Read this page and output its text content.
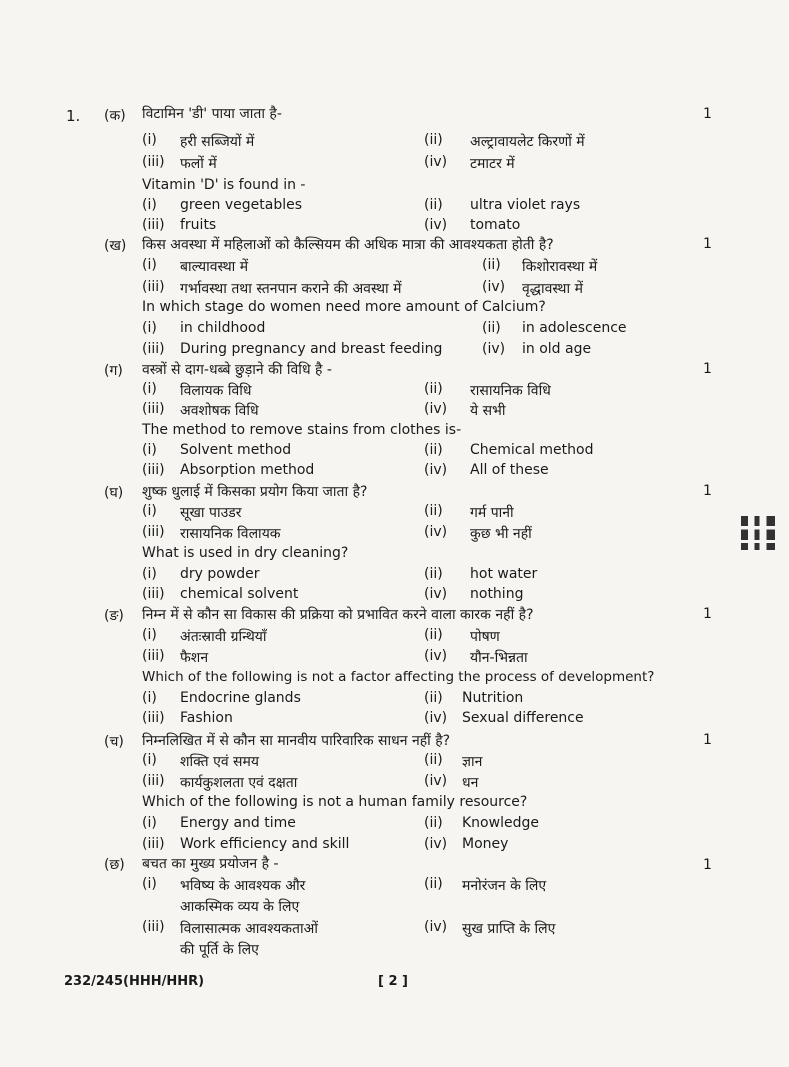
1. (क) विटामिन 'डी' पाया जाता है-	1
(i) हरी सब्जियों में	(ii) अल्ट्रावायलेट किरणों में
(iii) फलों में	(iv) टमाटर में
Vitamin 'D' is found in -
(i) green vegetables	(ii) ultra violet rays
(iii) fruits	(iv) tomato
(ख) किस अवस्था में महिलाओं को कैल्सियम की अधिक मात्रा की आवश्यकता होती है?	1
(i) बाल्यावस्था में	(ii) किशोरावस्था में
(iii) गर्भावस्था तथा स्तनपान कराने की अवस्था में	(iv) वृद्धावस्था में
In which stage do women need more amount of Calcium?
(i) in childhood	(ii) in adolescence
(iii) During pregnancy and breast feeding	(iv) in old age
(ग) वस्त्रों से दाग-धब्बे छुड़ाने की विधि है -	1
(i) विलायक विधि	(ii) रासायनिक विधि
(iii) अवशोषक विधि	(iv) ये सभी
The method to remove stains from clothes is-
(i) Solvent method	(ii) Chemical method
(iii) Absorption method	(iv) All of these
(घ) शुष्क धुलाई में किसका प्रयोग किया जाता है?	1
(i) सूखा पाउडर	(ii) गर्म पानी
(iii) रासायनिक विलायक	(iv) कुछ भी नहीं
What is used in dry cleaning?
(i) dry powder	(ii) hot water
(iii) chemical solvent	(iv) nothing
(ङ) निम्न में से कौन सा विकास की प्रक्रिया को प्रभावित करने वाला कारक नहीं है?	1
(i) अंतःस्रावी ग्रन्थियाँ	(ii) पोषण
(iii) फैशन	(iv) यौन-भिन्नता
Which of the following is not a factor affecting the process of development?
(i) Endocrine glands	(ii) Nutrition
(iii) Fashion	(iv) Sexual difference
(च) निम्नलिखित में से कौन सा मानवीय पारिवारिक साधन नहीं है?	1
(i) शक्ति एवं समय	(ii) ज्ञान
(iii) कार्यकुशलता एवं दक्षता	(iv) धन
Which of the following is not a human family resource?
(i) Energy and time	(ii) Knowledge
(iii) Work efficiency and skill	(iv) Money
(छ) बचत का मुख्य प्रयोजन है -	1
(i) भविष्य के आवश्यक और	(ii) मनोरंजन के लिए
आकस्मिक व्यय के लिए
(iii) विलासात्मक आवश्यकताओं	(iv) सुख प्राप्ति के लिए
की पूर्ति के लिए
232/245(HHH/HHR)	[ 2 ]
